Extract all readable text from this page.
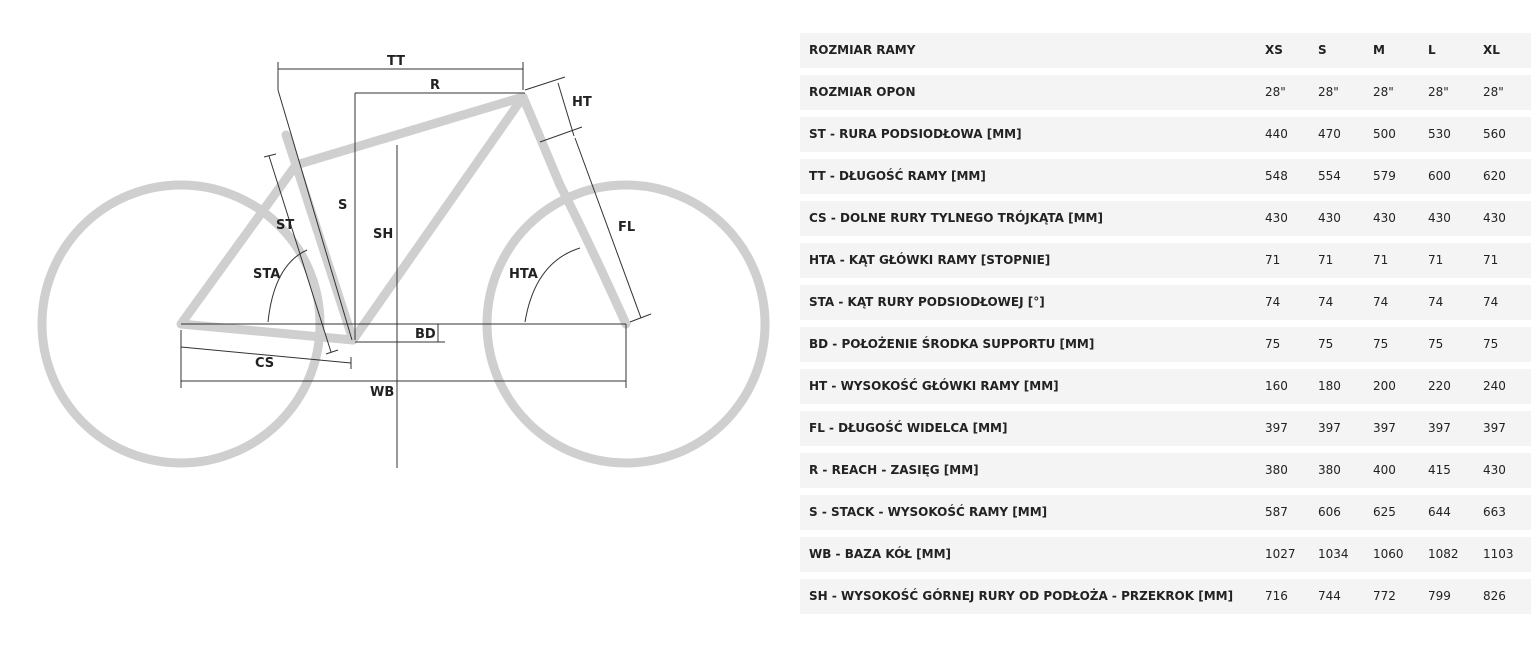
TT
R
HT
S
ST
SH	FL
STA	HTA
BD
CS
WB
ROZMIAR RAMY	XS	S	M	L	XL
ROZMIAR OPON	28"	28"	28"	28"	28"
ST - RURA PODSIODŁOWA [MM]	440	470	500	530	560
TT - DŁUGOŚĆ RAMY [MM]	548	554	579	600	620
CS - DOLNE RURY TYLNEGO TRÓJKĄTA [MM]	430	430	430	430	430
HTA - KĄT GŁÓWKI RAMY [STOPNIE]	71	71	71	71	71
STA - KĄT RURY PODSIODŁOWEJ [°]	74	74	74	74	74
BD - POŁOŻENIE ŚRODKA SUPPORTU [MM]	75	75	75	75	75
HT - WYSOKOŚĆ GŁÓWKI RAMY [MM]	160	180	200	220	240
FL - DŁUGOŚĆ WIDELCA [MM]	397	397	397	397	397
R - REACH - ZASIĘG [MM]	380	380	400	415	430
S - STACK - WYSOKOŚĆ RAMY [MM]	587	606	625	644	663
WB - BAZA KÓŁ [MM]	1027	1034	1060	1082	1103
SH - WYSOKOŚĆ GÓRNEJ RURY OD PODŁOŻA - PRZEKROK [MM]	716	744	772	799	826
